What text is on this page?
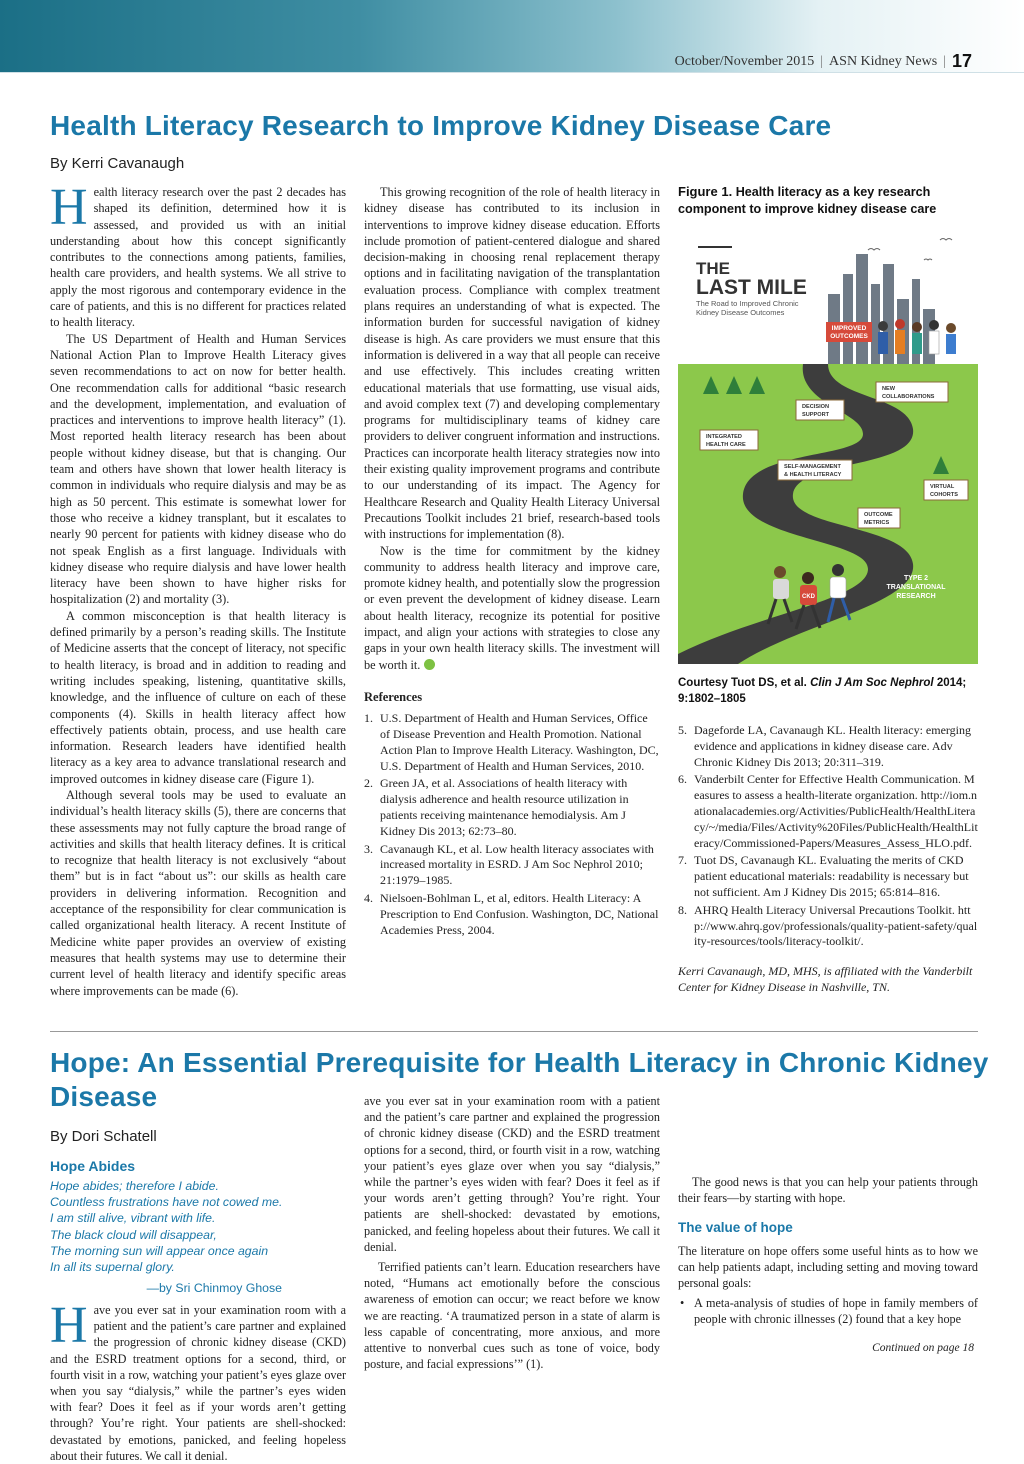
October/November 2015 | ASN Kidney News | 17
Health Literacy Research to Improve Kidney Disease Care
By Kerri Cavanaugh

Health literacy research over the past 2 decades has shaped its definition, determined how it is assessed, and provided us with an initial understanding about how this concept significantly contributes to the connections among patients, families, health care providers, and health systems. We all strive to apply the most rigorous and contemporary evidence in the care of patients, and this is no different for practices related to health literacy.

The US Department of Health and Human Services National Action Plan to Improve Health Literacy gives seven recommendations to act on now for better health. One recommendation calls for additional “basic research and the development, implementation, and evaluation of practices and interventions to improve health literacy” (1). Most reported health literacy research has been about people without kidney disease, but that is changing. Our team and others have shown that lower health literacy is common in individuals who require dialysis and may be as high as 50 percent. This estimate is somewhat lower for those who receive a kidney transplant, but it escalates to nearly 90 percent for patients with kidney disease who do not speak English as a first language. Individuals with kidney disease who require dialysis and have lower health literacy have been shown to have higher risks for hospitalization (2) and mortality (3).

A common misconception is that health literacy is defined primarily by a person’s reading skills. The Institute of Medicine asserts that the concept of literacy, not specific to health literacy, is broad and in addition to reading and writing includes speaking, listening, quantitative skills, knowledge, and the influence of culture on each of these components (4). Skills in health literacy affect how effectively patients obtain, process, and use health care information. Research leaders have identified health literacy as a key area to advance translational research and improved outcomes in kidney disease care (Figure 1).

Although several tools may be used to evaluate an individual’s health literacy skills (5), there are concerns that these assessments may not fully capture the broad range of activities and skills that health literacy defines. It is critical to recognize that health literacy is not exclusively “about them” but is in fact “about us”: our skills as health care providers in delivering information. Recognition and acceptance of the responsibility for clear communication is called organizational health literacy. A recent Institute of Medicine white paper provides an overview of existing measures that health systems may use to determine their current level of health literacy and identify specific areas where improvements can be made (6).

This growing recognition of the role of health literacy in kidney disease has contributed to its inclusion in interventions to improve kidney disease education. Efforts include promotion of patient-centered dialogue and shared decision-making in choosing renal replacement therapy options and in facilitating navigation of the transplantation evaluation process. Compliance with complex treatment plans requires an understanding of what is expected. The information burden for successful navigation of kidney disease is high. As care providers we must ensure that this information is delivered in a way that all people can receive and use effectively. This includes creating written educational materials that use formatting, use visual aids, and avoid complex text (7) and developing complementary programs for multidisciplinary teams of kidney care providers to deliver congruent information and instructions. Practices can incorporate health literacy strategies now into their existing quality improvement programs and contribute to our understanding of its impact. The Agency for Healthcare Research and Quality Health Literacy Universal Precautions Toolkit includes 21 brief, research-based tools with instructions for implementation (8).

Now is the time for commitment by the kidney community to address health literacy and improve care, promote kidney health, and potentially slow the progression or even prevent the development of kidney disease. Learn about health literacy, recognize its potential for positive impact, and align your actions with strategies to close any gaps in your own health literacy skills. The investment will be worth it.

References
1. U.S. Department of Health and Human Services, Office of Disease Prevention and Health Promotion. National Action Plan to Improve Health Literacy. Washington, DC, U.S. Department of Health and Human Services, 2010.
2. Green JA, et al. Associations of health literacy with dialysis adherence and health resource utilization in patients receiving maintenance hemodialysis. Am J Kidney Dis 2013; 62:73–80.
3. Cavanaugh KL, et al. Low health literacy associates with increased mortality in ESRD. J Am Soc Nephrol 2010; 21:1979–1985.
4. Nielsoen-Bohlman L, et al, editors. Health Literacy: A Prescription to End Confusion. Washington, DC, National Academies Press, 2004.
Figure 1. Health literacy as a key research component to improve kidney disease care
THE
LAST MILE
The Road to Improved Chronic
Kidney Disease Outcomes
IMPROVED
OUTCOMES
NEW
COLLABORATIONS
DECISION
SUPPORT
INTEGRATED
HEALTH CARE
SELF-MANAGEMENT
& HEALTH LITERACY
VIRTUAL
COHORTS
OUTCOME
METRICS
TYPE 2
TRANSLATIONAL
RESEARCH
CKD
Courtesy Tuot DS, et al. Clin J Am Soc Nephrol 2014; 9:1802–1805
5. Dageforde LA, Cavanaugh KL. Health literacy: emerging evidence and applications in kidney disease care. Adv Chronic Kidney Dis 2013; 20:311–319.
6. Vanderbilt Center for Effective Health Communication. Measures to assess a health-literate organization. http://iom.nationalacademies.org/Activities/PublicHealth/HealthLiteracy/~/media/Files/Activity%20Files/PublicHealth/HealthLiteracy/Commissioned-Papers/Measures_Assess_HLO.pdf.
7. Tuot DS, Cavanaugh KL. Evaluating the merits of CKD patient educational materials: readability is necessary but not sufficient. Am J Kidney Dis 2015; 65:814–816.
8. AHRQ Health Literacy Universal Precautions Toolkit. http://www.ahrq.gov/professionals/quality-patient-safety/quality-resources/tools/literacy-toolkit/.
Kerri Cavanaugh, MD, MHS, is affiliated with the Vanderbilt Center for Kidney Disease in Nashville, TN.
Hope: An Essential Prerequisite for Health Literacy in Chronic Kidney Disease
By Dori Schatell
Hope Abides
Hope abides; therefore I abide.
Countless frustrations have not cowed me.
I am still alive, vibrant with life.
The black cloud will disappear,
The morning sun will appear once again
In all its supernal glory.
—by Sri Chinmoy Ghose

Have you ever sat in your examination room with a patient and the patient’s care partner and explained the progression of chronic kidney disease (CKD) and the ESRD treatment options for a second, third, or fourth visit in a row, watching your patient’s eyes glaze over when you say “dialysis,” while the partner’s eyes widen with fear? Does it feel as if your words aren’t getting through? You’re right. Your patients are shell-shocked: devastated by emotions, panicked, and feeling hopeless about their futures. We call it denial.

ave you ever sat in your examination room with a patient and the patient’s care partner and explained the progression of chronic kidney disease (CKD) and the ESRD treatment options for a second, third, or fourth visit in a row, watching your patient’s eyes glaze over when you say “dialysis,” while the partner’s eyes widen with fear? Does it feel as if your words aren’t getting through? You’re right. Your patients are shell-shocked: devastated by emotions, panicked, and feeling hopeless about their futures. We call it denial.

Terrified patients can’t learn. Education researchers have noted, “Humans act emotionally before the conscious awareness of emotion can occur; we react before we know we are reacting. ‘A traumatized person in a state of alarm is less capable of concentrating, more anxious, and more attentive to nonverbal cues such as tone of voice, body posture, and facial expressions’” (1).

The good news is that you can help your patients through their fears—by starting with hope.

The value of hope

The literature on hope offers some useful hints as to how we can help patients adapt, including setting and moving toward personal goals:

• A meta-analysis of studies of hope in family members of people with chronic illnesses (2) found that a key hope
Continued on page 18
